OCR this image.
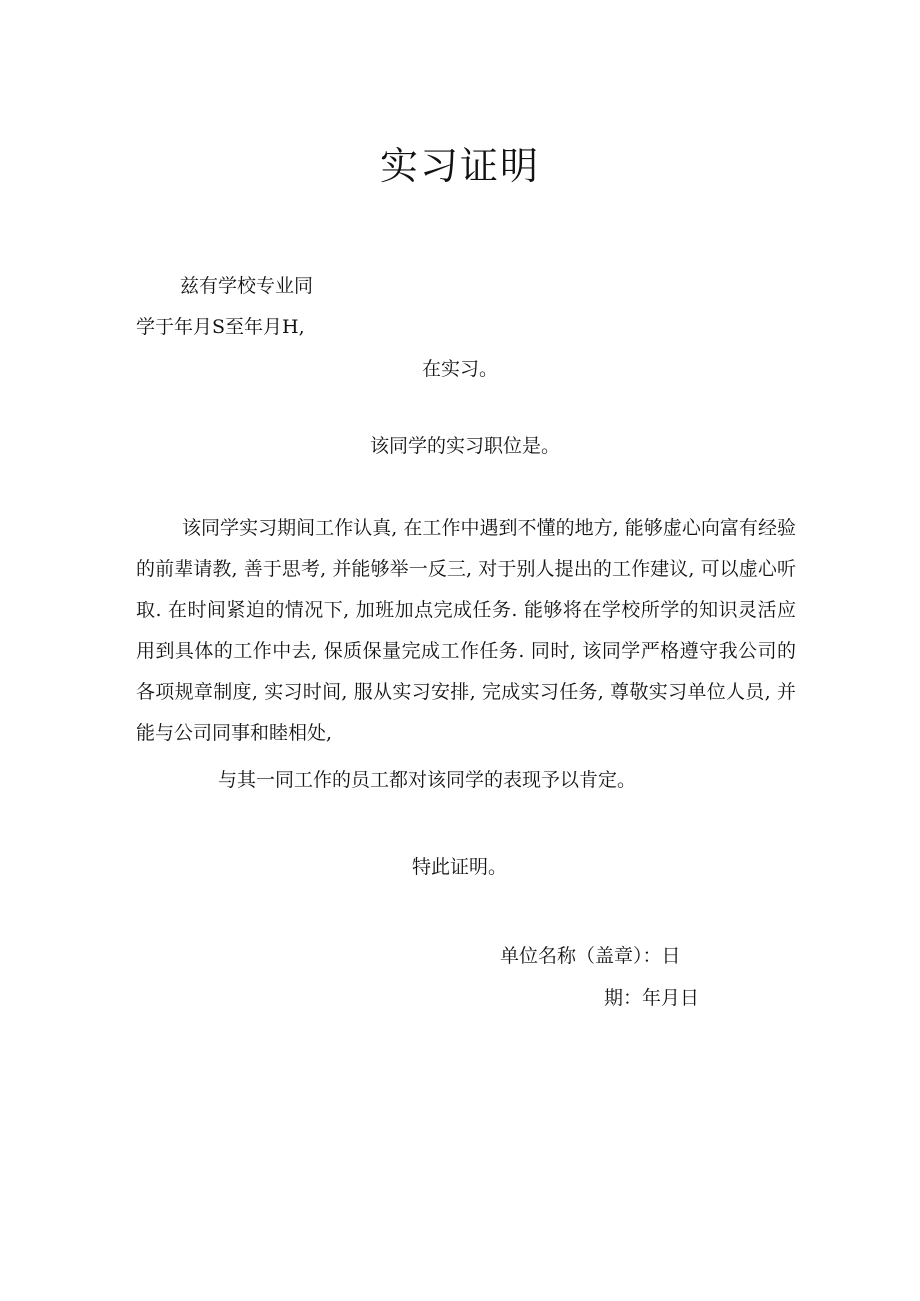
实习证明
兹有学校专业同
学于年月S至年月H,
在实习。
该同学的实习职位是。
该同学实习期间工作认真, 在工作中遇到不懂的地方, 能够虚心向富有经验的前辈请教, 善于思考, 并能够举一反三, 对于别人提出的工作建议, 可以虚心听取. 在时间紧迫的情况下, 加班加点完成任务. 能够将在学校所学的知识灵活应用到具体的工作中去, 保质保量完成工作任务. 同时, 该同学严格遵守我公司的各项规章制度, 实习时间, 服从实习安排, 完成实习任务, 尊敬实习单位人员, 并能与公司同事和睦相处,
与其一同工作的员工都对该同学的表现予以肯定。
特此证明。
单位名称（盖章）：日
期：年月日
